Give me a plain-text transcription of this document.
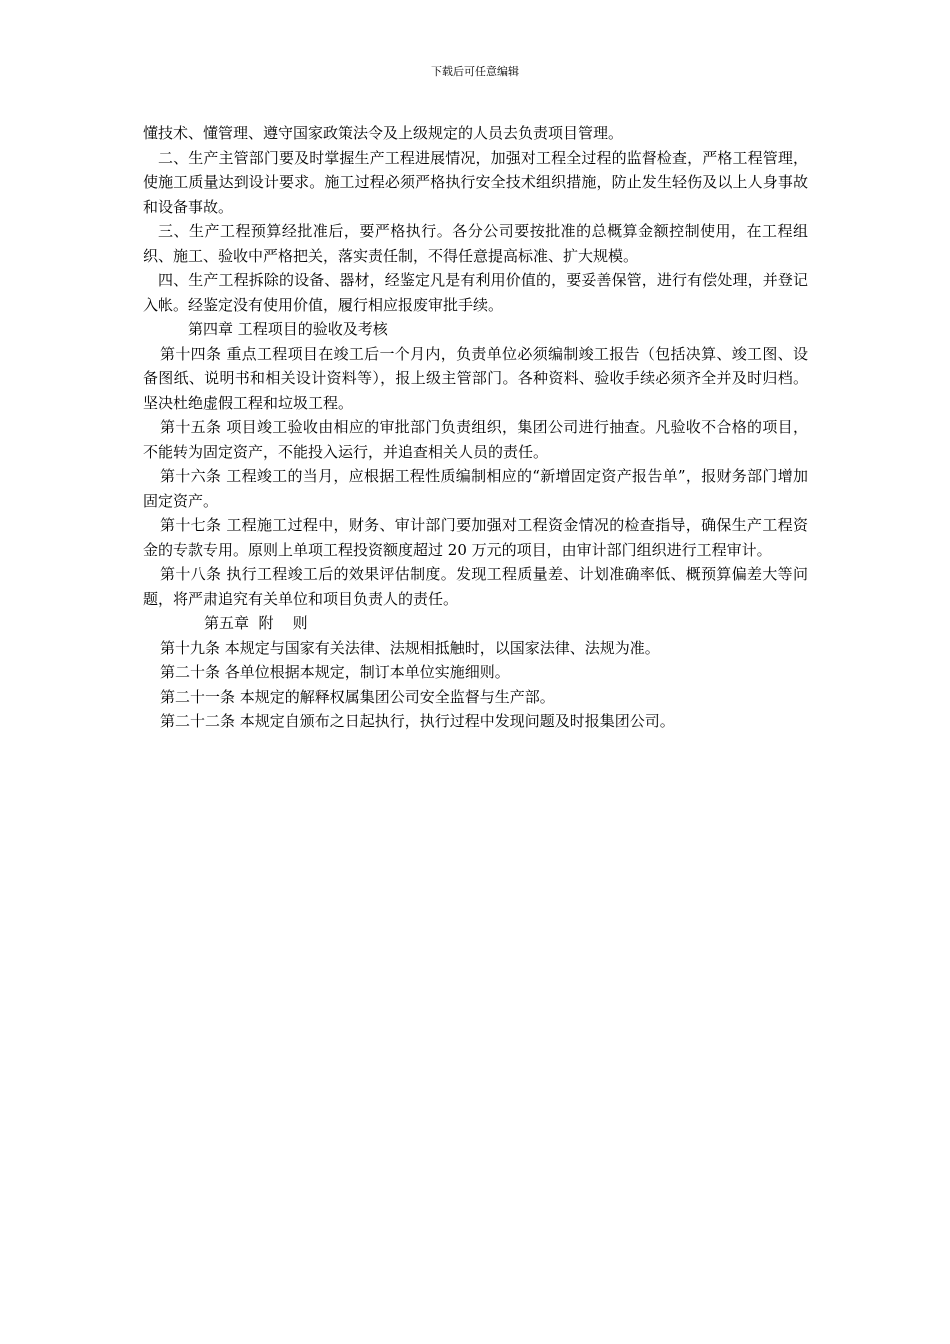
下载后可任意编辑

懂技术、懂管理、遵守国家政策法令及上级规定的人员去负责项目管理。

二、生产主管部门要及时掌握生产工程进展情况，加强对工程全过程的监督检查，严格工程管理，使施工质量达到设计要求。施工过程必须严格执行安全技术组织措施，防止发生轻伤及以上人身事故和设备事故。

三、生产工程预算经批准后，要严格执行。各分公司要按批准的总概算金额控制使用，在工程组织、施工、验收中严格把关，落实责任制，不得任意提高标准、扩大规模。

四、生产工程拆除的设备、器材，经鉴定凡是有利用价值的，要妥善保管，进行有偿处理，并登记入帐。经鉴定没有使用价值，履行相应报废审批手续。

第四章 工程项目的验收及考核

第十四条 重点工程项目在竣工后一个月内，负责单位必须编制竣工报告（包括决算、竣工图、设备图纸、说明书和相关设计资料等），报上级主管部门。各种资料、验收手续必须齐全并及时归档。坚决杜绝虚假工程和垃圾工程。

第十五条 项目竣工验收由相应的审批部门负责组织，集团公司进行抽查。凡验收不合格的项目，不能转为固定资产，不能投入运行，并追查相关人员的责任。

第十六条 工程竣工的当月，应根据工程性质编制相应的“新增固定资产报告单”，报财务部门增加固定资产。

第十七条 工程施工过程中，财务、审计部门要加强对工程资金情况的检查指导，确保生产工程资金的专款专用。原则上单项工程投资额度超过 20 万元的项目，由审计部门组织进行工程审计。

第十八条 执行工程竣工后的效果评估制度。发现工程质量差、计划准确率低、概预算偏差大等问题，将严肃追究有关单位和项目负责人的责任。

第五章  附    则

第十九条 本规定与国家有关法律、法规相抵触时，以国家法律、法规为准。

第二十条 各单位根据本规定，制订本单位实施细则。

第二十一条 本规定的解释权属集团公司安全监督与生产部。

第二十二条 本规定自颁布之日起执行，执行过程中发现问题及时报集团公司。
